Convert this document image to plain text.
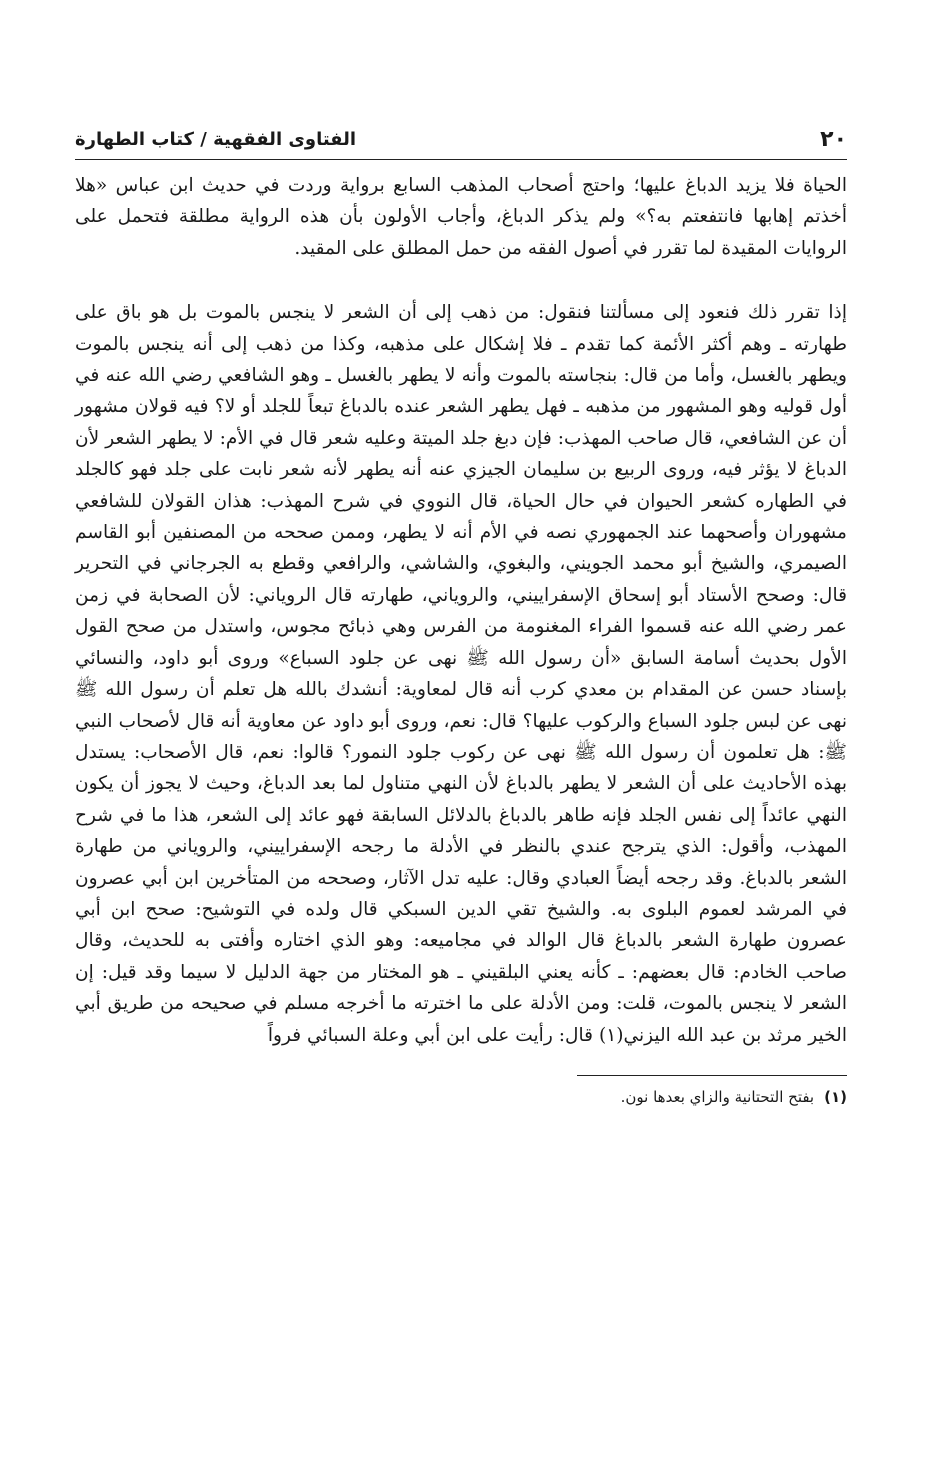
٢٠
الفتاوى الفقهية / كتاب الطهارة

الحياة فلا يزيد الدباغ عليها؛ واحتج أصحاب المذهب السابع برواية وردت في حديث ابن عباس «هلا أخذتم إهابها فانتفعتم به؟» ولم يذكر الدباغ، وأجاب الأولون بأن هذه الرواية مطلقة فتحمل على الروايات المقيدة لما تقرر في أصول الفقه من حمل المطلق على المقيد.

إذا تقرر ذلك فنعود إلى مسألتنا فنقول: من ذهب إلى أن الشعر لا ينجس بالموت بل هو باق على طهارته ـ وهم أكثر الأئمة كما تقدم ـ فلا إشكال على مذهبه، وكذا من ذهب إلى أنه ينجس بالموت ويطهر بالغسل، وأما من قال: بنجاسته بالموت وأنه لا يطهر بالغسل ـ وهو الشافعي رضي الله عنه في أول قوليه وهو المشهور من مذهبه ـ فهل يطهر الشعر عنده بالدباغ تبعاً للجلد أو لا؟ فيه قولان مشهور أن عن الشافعي، قال صاحب المهذب: فإن دبغ جلد الميتة وعليه شعر قال في الأم: لا يطهر الشعر لأن الدباغ لا يؤثر فيه، وروى الربيع بن سليمان الجيزي عنه أنه يطهر لأنه شعر نابت على جلد فهو كالجلد في الطهاره كشعر الحيوان في حال الحياة، قال النووي في شرح المهذب: هذان القولان للشافعي مشهوران وأصحهما عند الجمهوري نصه في الأم أنه لا يطهر، وممن صححه من المصنفين أبو القاسم الصيمري، والشيخ أبو محمد الجويني، والبغوي، والشاشي، والرافعي وقطع به الجرجاني في التحرير قال: وصحح الأستاد أبو إسحاق الإسفراييني، والروياني، طهارته قال الروياني: لأن الصحابة في زمن عمر رضي الله عنه قسموا الفراء المغنومة من الفرس وهي ذبائح مجوس، واستدل من صحح القول الأول بحديث أسامة السابق «أن رسول الله ﷺ نهى عن جلود السباع» وروى أبو داود، والنسائي بإسناد حسن عن المقدام بن معدي كرب أنه قال لمعاوية: أنشدك بالله هل تعلم أن رسول الله ﷺ نهى عن لبس جلود السباع والركوب عليها؟ قال: نعم، وروى أبو داود عن معاوية أنه قال لأصحاب النبي ﷺ: هل تعلمون أن رسول الله ﷺ نهى عن ركوب جلود النمور؟ قالوا: نعم، قال الأصحاب: يستدل بهذه الأحاديث على أن الشعر لا يطهر بالدباغ لأن النهي متناول لما بعد الدباغ، وحيث لا يجوز أن يكون النهي عائداً إلى نفس الجلد فإنه طاهر بالدباغ بالدلائل السابقة فهو عائد إلى الشعر، هذا ما في شرح المهذب، وأقول: الذي يترجح عندي بالنظر في الأدلة ما رجحه الإسفراييني، والروياني من طهارة الشعر بالدباغ. وقد رجحه أيضاً العبادي وقال: عليه تدل الآثار، وصححه من المتأخرين ابن أبي عصرون في المرشد لعموم البلوى به. والشيخ تقي الدين السبكي قال ولده في التوشيح: صحح ابن أبي عصرون طهارة الشعر بالدباغ قال الوالد في مجاميعه: وهو الذي اختاره وأفتى به للحديث، وقال صاحب الخادم: قال بعضهم: ـ كأنه يعني البلقيني ـ هو المختار من جهة الدليل لا سيما وقد قيل: إن الشعر لا ينجس بالموت، قلت: ومن الأدلة على ما اخترته ما أخرجه مسلم في صحيحه من طريق أبي الخير مرثد بن عبد الله اليزني(١) قال: رأيت على ابن أبي وعلة السبائي فرواً

(١)بفتح التحتانية والزاي بعدها نون.
